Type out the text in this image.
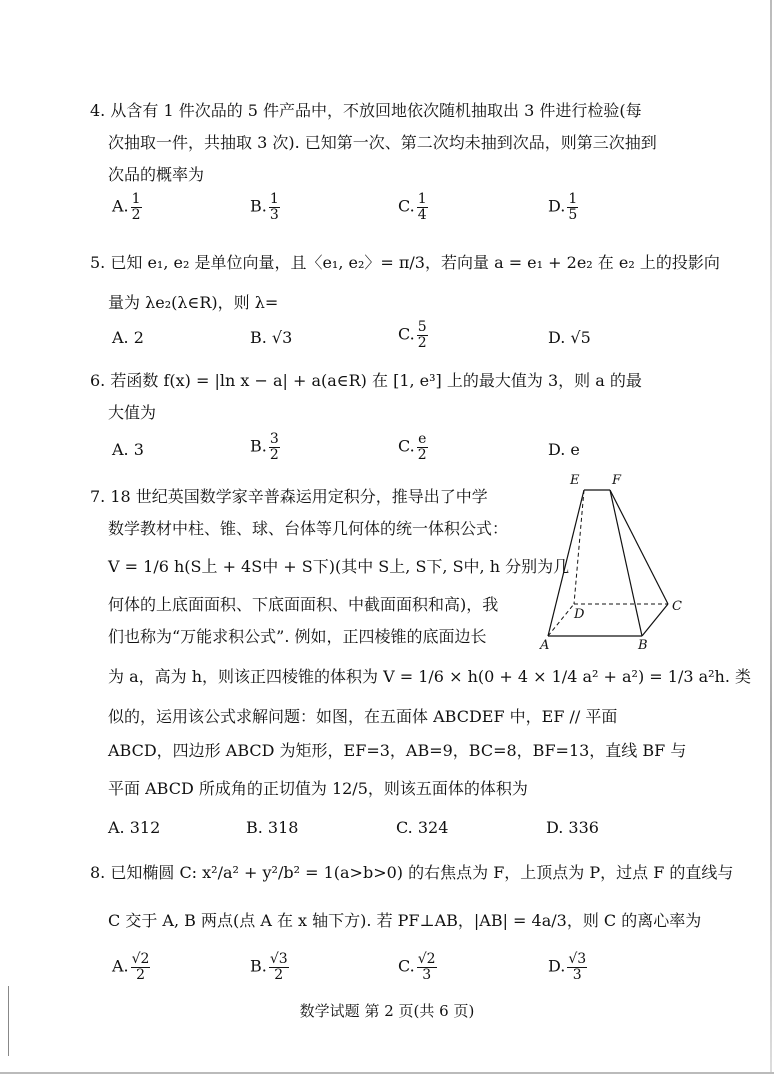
4. 从含有 1 件次品的 5 件产品中，不放回地依次随机抽取出 3 件进行检验(每
次抽取一件，共抽取 3 次). 已知第一次、第二次均未抽到次品，则第三次抽到
次品的概率为
A. $\frac{1}{2}$	B. $\frac{1}{3}$	C. $\frac{1}{4}$	D. $\frac{1}{5}$
5. 已知 e₁, e₂ 是单位向量，且〈e₁, e₂〉= π/3，若向量 a = e₁ + 2e₂ 在 e₂ 上的投影向
量为 λe₂(λ∈R)，则 λ=
A. 2	B. √3	C. $\frac{5}{2}$	D. √5
6. 若函数 f(x) = |ln x − a| + a(a∈R) 在 [1, e³] 上的最大值为 3，则 a 的最
大值为
A. 3	B. $\frac{3}{2}$	C. $\frac{e}{2}$	D. e
7. 18 世纪英国数学家辛普森运用定积分，推导出了中学
数学教材中柱、锥、球、台体等几何体的统一体积公式：
V = 1/6 h(S上 + 4S中 + S下)(其中 S上, S下, S中, h 分别为几
何体的上底面面积、下底面面积、中截面面积和高)，我
们也称为“万能求积公式”. 例如，正四棱锥的底面边长
为 a，高为 h，则该正四棱锥的体积为 V = 1/6 × h(0 + 4 × 1/4 a² + a²) = 1/3 a²h. 类
似的，运用该公式求解问题：如图，在五面体 ABCDEF 中，EF // 平面
ABCD，四边形 ABCD 为矩形，EF=3，AB=9，BC=8，BF=13，直线 BF 与
平面 ABCD 所成角的正切值为 12/5，则该五面体的体积为
A. 312	B. 318	C. 324	D. 336
E	F
D
C
A	B
8. 已知椭圆 C: x²/a² + y²/b² = 1(a>b>0) 的右焦点为 F，上顶点为 P，过点 F 的直线与
C 交于 A, B 两点(点 A 在 x 轴下方). 若 PF⊥AB，|AB| = 4a/3，则 C 的离心率为
A. $\frac{√2}{2}$	B. $\frac{√3}{2}$	C. $\frac{√2}{3}$	D. $\frac{√3}{3}$
数学试题 第 2 页(共 6 页)
